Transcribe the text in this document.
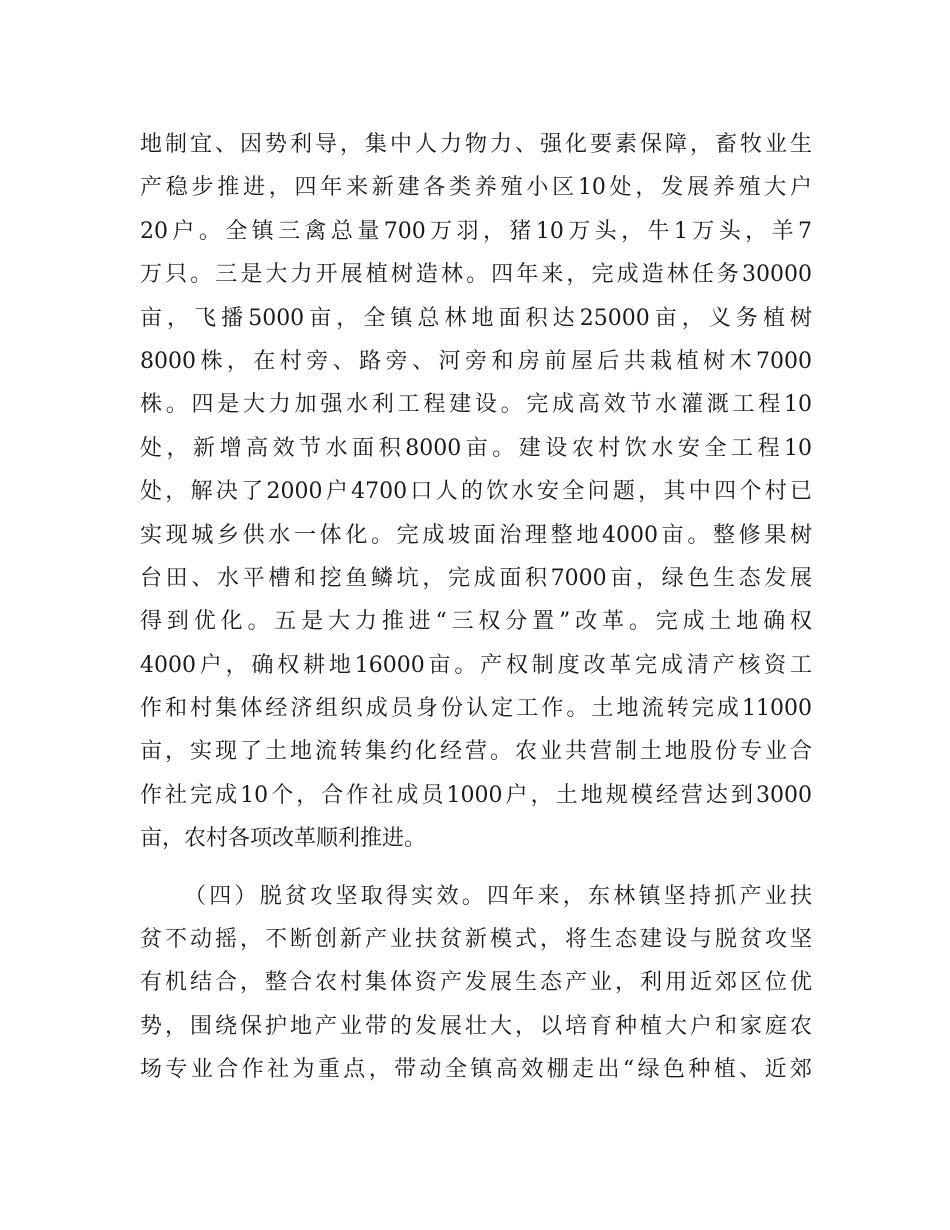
地制宜、因势利导，集中人力物力、强化要素保障，畜牧业生
产稳步推进，四年来新建各类养殖小区10处，发展养殖大户
20户。全镇三禽总量700万羽，猪10万头，牛1万头，羊7
万只。三是大力开展植树造林。四年来，完成造林任务30000
亩，飞播5000亩，全镇总林地面积达25000亩，义务植树
8000株，在村旁、路旁、河旁和房前屋后共栽植树木7000
株。四是大力加强水利工程建设。完成高效节水灌溉工程10
处，新增高效节水面积8000亩。建设农村饮水安全工程10
处，解决了2000户4700口人的饮水安全问题，其中四个村已
实现城乡供水一体化。完成坡面治理整地4000亩。整修果树
台田、水平槽和挖鱼鳞坑，完成面积7000亩，绿色生态发展
得到优化。五是大力推进“三权分置”改革。完成土地确权
4000户，确权耕地16000亩。产权制度改革完成清产核资工
作和村集体经济组织成员身份认定工作。土地流转完成11000
亩，实现了土地流转集约化经营。农业共营制土地股份专业合
作社完成10个，合作社成员1000户，土地规模经营达到3000
亩，农村各项改革顺利推进。
（四）脱贫攻坚取得实效。四年来，东林镇坚持抓产业扶
贫不动摇，不断创新产业扶贫新模式，将生态建设与脱贫攻坚
有机结合，整合农村集体资产发展生态产业，利用近郊区位优
势，围绕保护地产业带的发展壮大，以培育种植大户和家庭农
场专业合作社为重点，带动全镇高效棚走出“绿色种植、近郊
